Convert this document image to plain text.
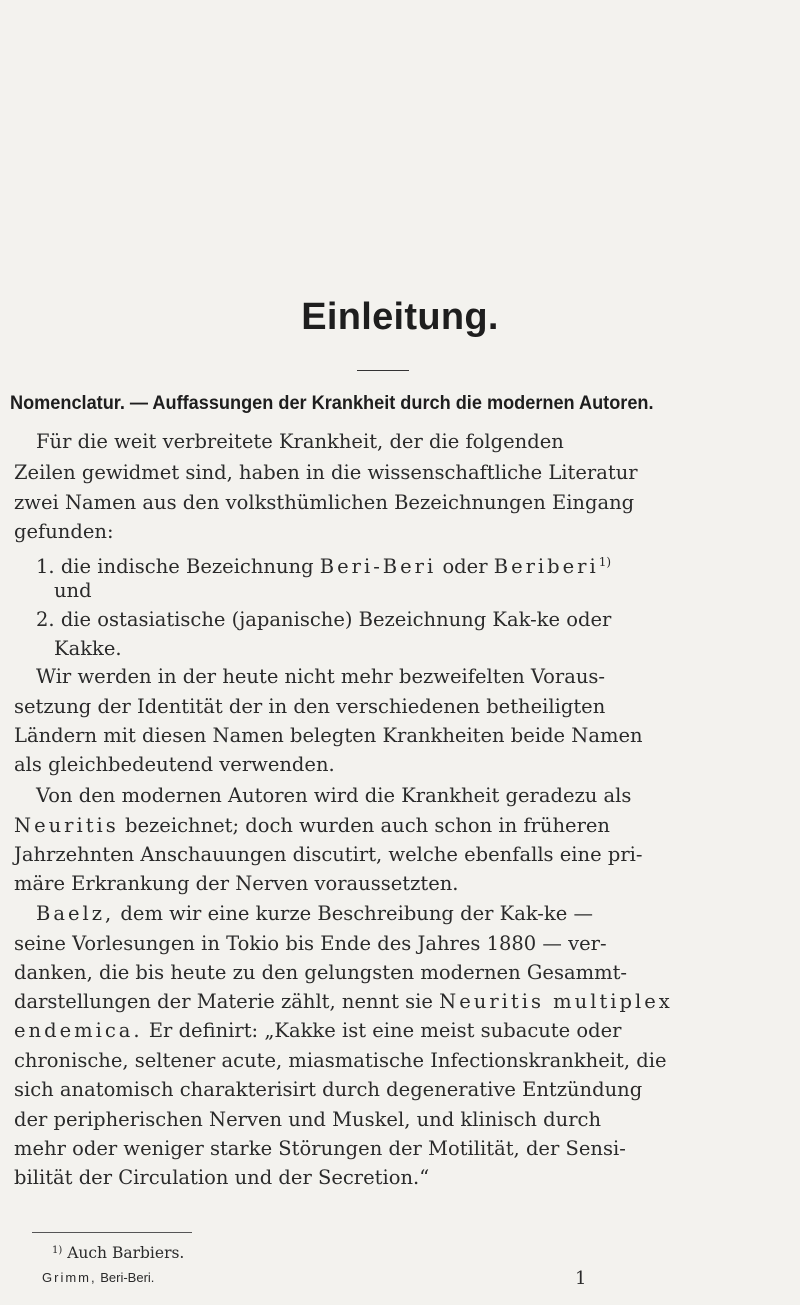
Einleitung.
Nomenclatur. — Auffassungen der Krankheit durch die modernen Autoren.
Für die weit verbreitete Krankheit, der die folgenden
Zeilen gewidmet sind, haben in die wissenschaftliche Literatur
zwei Namen aus den volksthümlichen Bezeichnungen Eingang
gefunden:
1. die indische Bezeichnung Beri-Beri oder Beriberi$^{1)}$
und
2. die ostasiatische (japanische) Bezeichnung Kak-ke oder
Kakke.
Wir werden in der heute nicht mehr bezweifelten Voraus-
setzung der Identität der in den verschiedenen betheiligten
Ländern mit diesen Namen belegten Krankheiten beide Namen
als gleichbedeutend verwenden.
Von den modernen Autoren wird die Krankheit geradezu als
Neuritis bezeichnet; doch wurden auch schon in früheren
Jahrzehnten Anschauungen discutirt, welche ebenfalls eine pri-
märe Erkrankung der Nerven voraussetzten.
Baelz, dem wir eine kurze Beschreibung der Kak-ke —
seine Vorlesungen in Tokio bis Ende des Jahres 1880 — ver-
danken, die bis heute zu den gelungsten modernen Gesammt-
darstellungen der Materie zählt, nennt sie Neuritis multiplex
endemica. Er definirt: „Kakke ist eine meist subacute oder
chronische, seltener acute, miasmatische Infectionskrankheit, die
sich anatomisch charakterisirt durch degenerative Entzündung
der peripherischen Nerven und Muskel, und klinisch durch
mehr oder weniger starke Störungen der Motilität, der Sensi-
bilität der Circulation und der Secretion.“
$^{1)}$ Auch Barbiers.
Grimm, Beri-Beri.	1
